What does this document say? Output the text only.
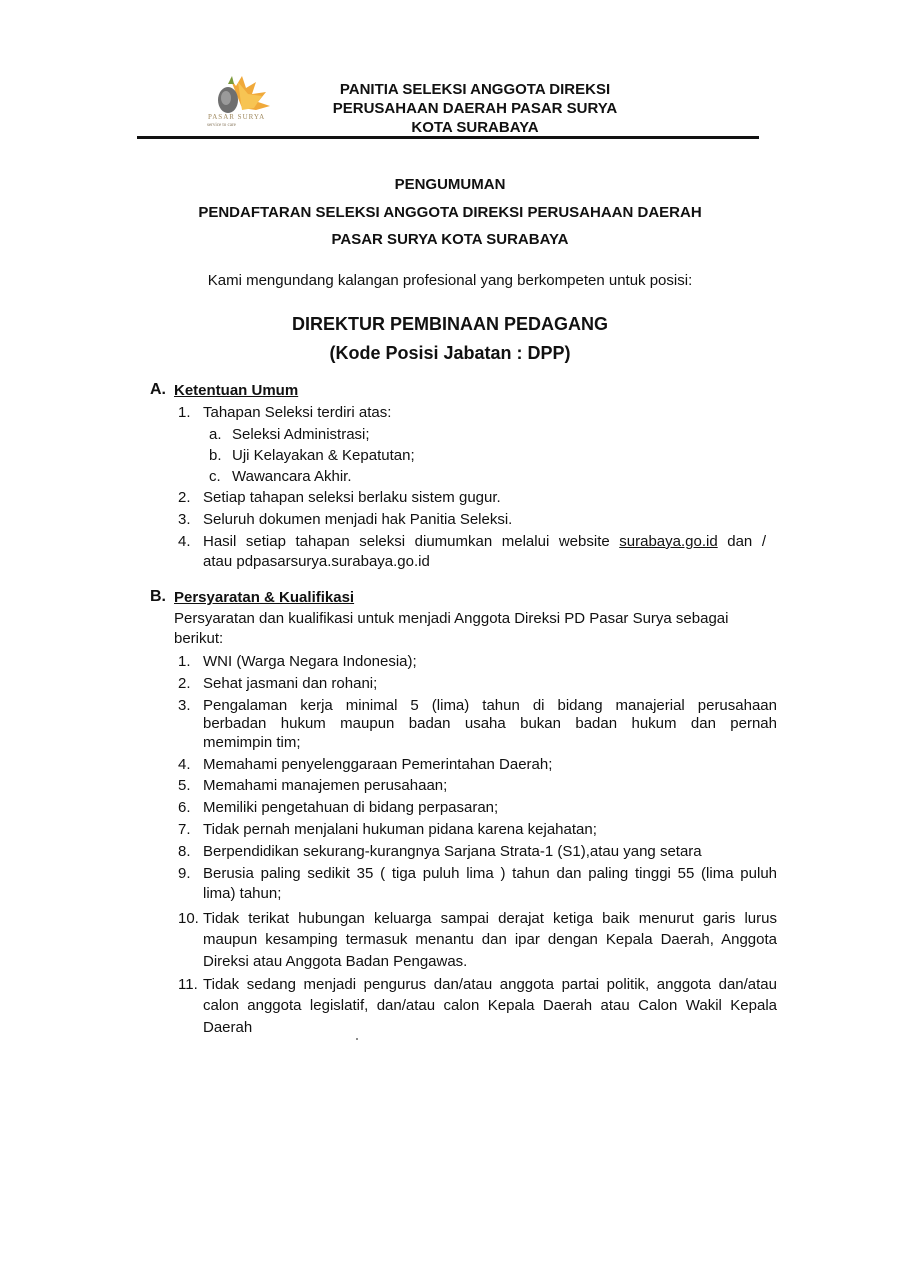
PASAR SURYA
service to care
PANITIA SELEKSI ANGGOTA DIREKSI
PERUSAHAAN DAERAH PASAR SURYA
KOTA SURABAYA
PENGUMUMAN
PENDAFTARAN SELEKSI ANGGOTA DIREKSI PERUSAHAAN DAERAH
PASAR SURYA KOTA SURABAYA
Kami mengundang kalangan profesional yang berkompeten untuk posisi:
DIREKTUR PEMBINAAN PEDAGANG
(Kode Posisi Jabatan : DPP)
A. Ketentuan Umum
1. Tahapan Seleksi terdiri atas:
a. Seleksi Administrasi;
b. Uji Kelayakan & Kepatutan;
c. Wawancara Akhir.
2. Setiap tahapan seleksi berlaku sistem gugur.
3. Seluruh dokumen menjadi hak Panitia Seleksi.
4. Hasil setiap tahapan seleksi diumumkan melalui website surabaya.go.id dan /
atau pdpasarsurya.surabaya.go.id
B. Persyaratan & Kualifikasi
Persyaratan dan kualifikasi untuk menjadi Anggota Direksi PD Pasar Surya sebagai
berikut:
1. WNI (Warga Negara Indonesia);
2. Sehat jasmani dan rohani;
3. Pengalaman kerja minimal 5 (lima) tahun di bidang manajerial perusahaan
berbadan hukum maupun badan usaha bukan badan hukum dan pernah
memimpin tim;
4. Memahami penyelenggaraan Pemerintahan Daerah;
5. Memahami manajemen perusahaan;
6. Memiliki pengetahuan di bidang perpasaran;
7. Tidak pernah menjalani hukuman pidana karena kejahatan;
8. Berpendidikan sekurang-kurangnya Sarjana Strata-1 (S1),atau yang setara
9. Berusia paling sedikit 35 ( tiga puluh lima ) tahun dan paling tinggi 55 (lima puluh
lima) tahun;
10. Tidak terikat hubungan keluarga sampai derajat ketiga baik menurut garis lurus
maupun kesamping termasuk menantu dan ipar dengan Kepala Daerah, Anggota
Direksi atau Anggota Badan Pengawas.
11. Tidak sedang menjadi pengurus dan/atau anggota partai politik, anggota dan/atau
calon anggota legislatif, dan/atau calon Kepala Daerah atau Calon Wakil Kepala
Daerah
